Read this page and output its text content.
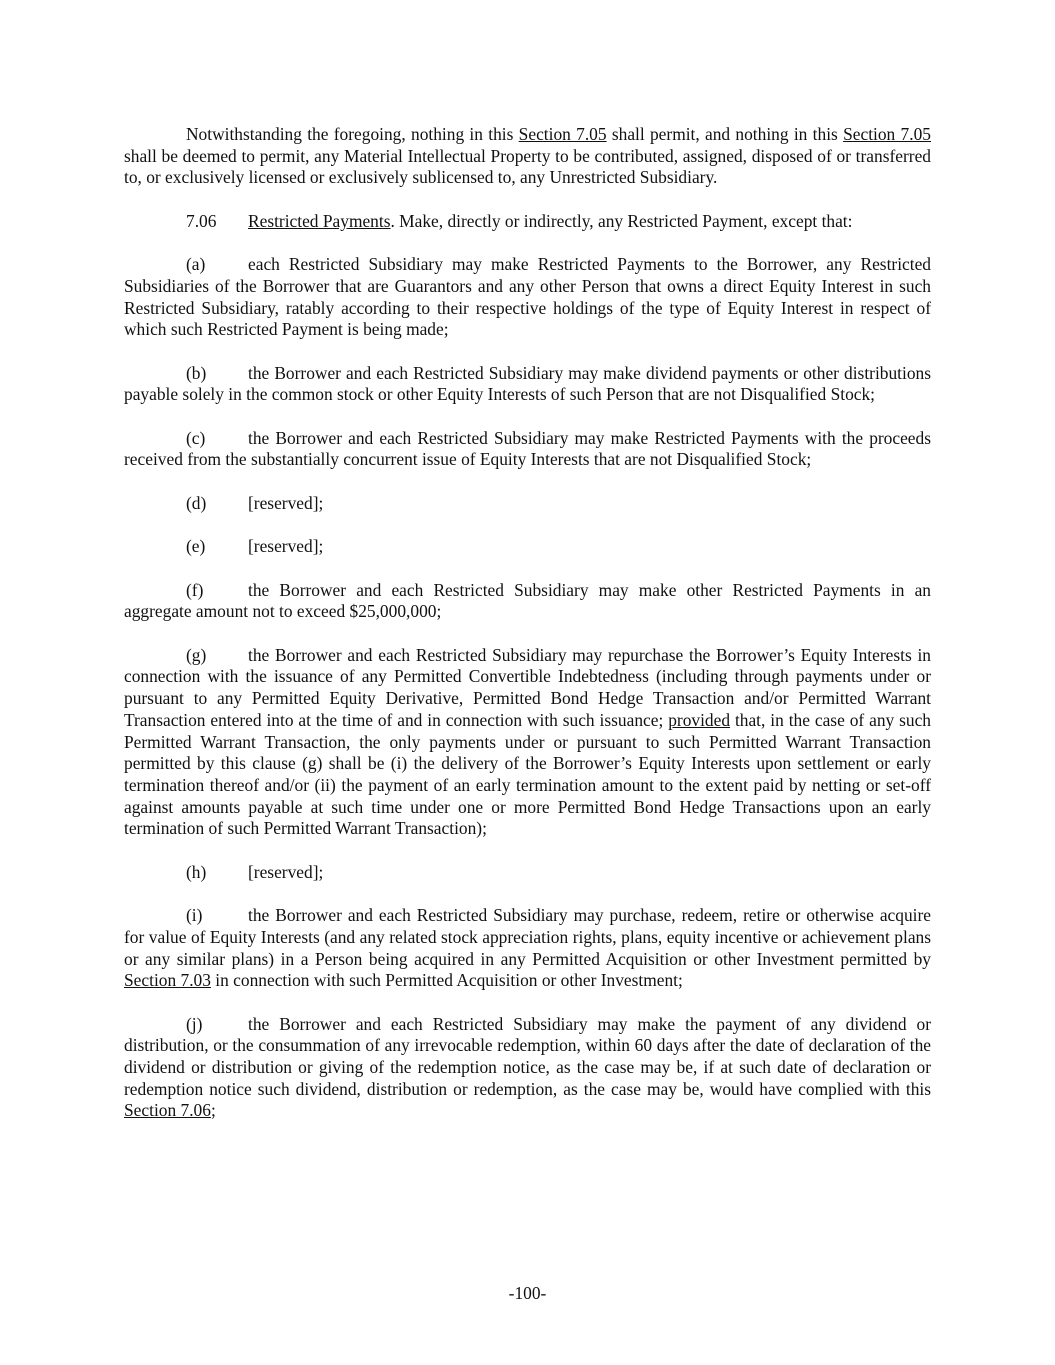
Notwithstanding the foregoing, nothing in this Section 7.05 shall permit, and nothing in this Section 7.05 shall be deemed to permit, any Material Intellectual Property to be contributed, assigned, disposed of or transferred to, or exclusively licensed or exclusively sublicensed to, any Unrestricted Subsidiary.

7.06 Restricted Payments. Make, directly or indirectly, any Restricted Payment, except that:

(a) each Restricted Subsidiary may make Restricted Payments to the Borrower, any Restricted Subsidiaries of the Borrower that are Guarantors and any other Person that owns a direct Equity Interest in such Restricted Subsidiary, ratably according to their respective holdings of the type of Equity Interest in respect of which such Restricted Payment is being made;

(b) the Borrower and each Restricted Subsidiary may make dividend payments or other distributions payable solely in the common stock or other Equity Interests of such Person that are not Disqualified Stock;

(c) the Borrower and each Restricted Subsidiary may make Restricted Payments with the proceeds received from the substantially concurrent issue of Equity Interests that are not Disqualified Stock;

(d) [reserved];

(e) [reserved];

(f)	the Borrower and each Restricted Subsidiary may make other Restricted Payments in an aggregate amount not to exceed $25,000,000;

(g) the Borrower and each Restricted Subsidiary may repurchase the Borrower’s Equity Interests in connection with the issuance of any Permitted Convertible Indebtedness (including through payments under or pursuant to any Permitted Equity Derivative, Permitted Bond Hedge Transaction and/or Permitted Warrant Transaction entered into at the time of and in connection with such issuance; provided that, in the case of any such Permitted Warrant Transaction, the only payments under or pursuant to such Permitted Warrant Transaction permitted by this clause (g) shall be (i) the delivery of the Borrower’s Equity Interests upon settlement or early termination thereof and/or (ii) the payment of an early termination amount to the extent paid by netting or set-off against amounts payable at such time under one or more Permitted Bond Hedge Transactions upon an early termination of such Permitted Warrant Transaction);

(h) [reserved];

(i)	the Borrower and each Restricted Subsidiary may purchase, redeem, retire or otherwise acquire for value of Equity Interests (and any related stock appreciation rights, plans, equity incentive or achievement plans or any similar plans) in a Person being acquired in any Permitted Acquisition or other Investment permitted by Section 7.03 in connection with such Permitted Acquisition or other Investment;

(j)	the Borrower and each Restricted Subsidiary may make the payment of any dividend or distribution, or the consummation of any irrevocable redemption, within 60 days after the date of declaration of the dividend or distribution or giving of the redemption notice, as the case may be, if at such date of declaration or redemption notice such dividend, distribution or redemption, as the case may be, would have complied with this Section 7.06;

-100-
